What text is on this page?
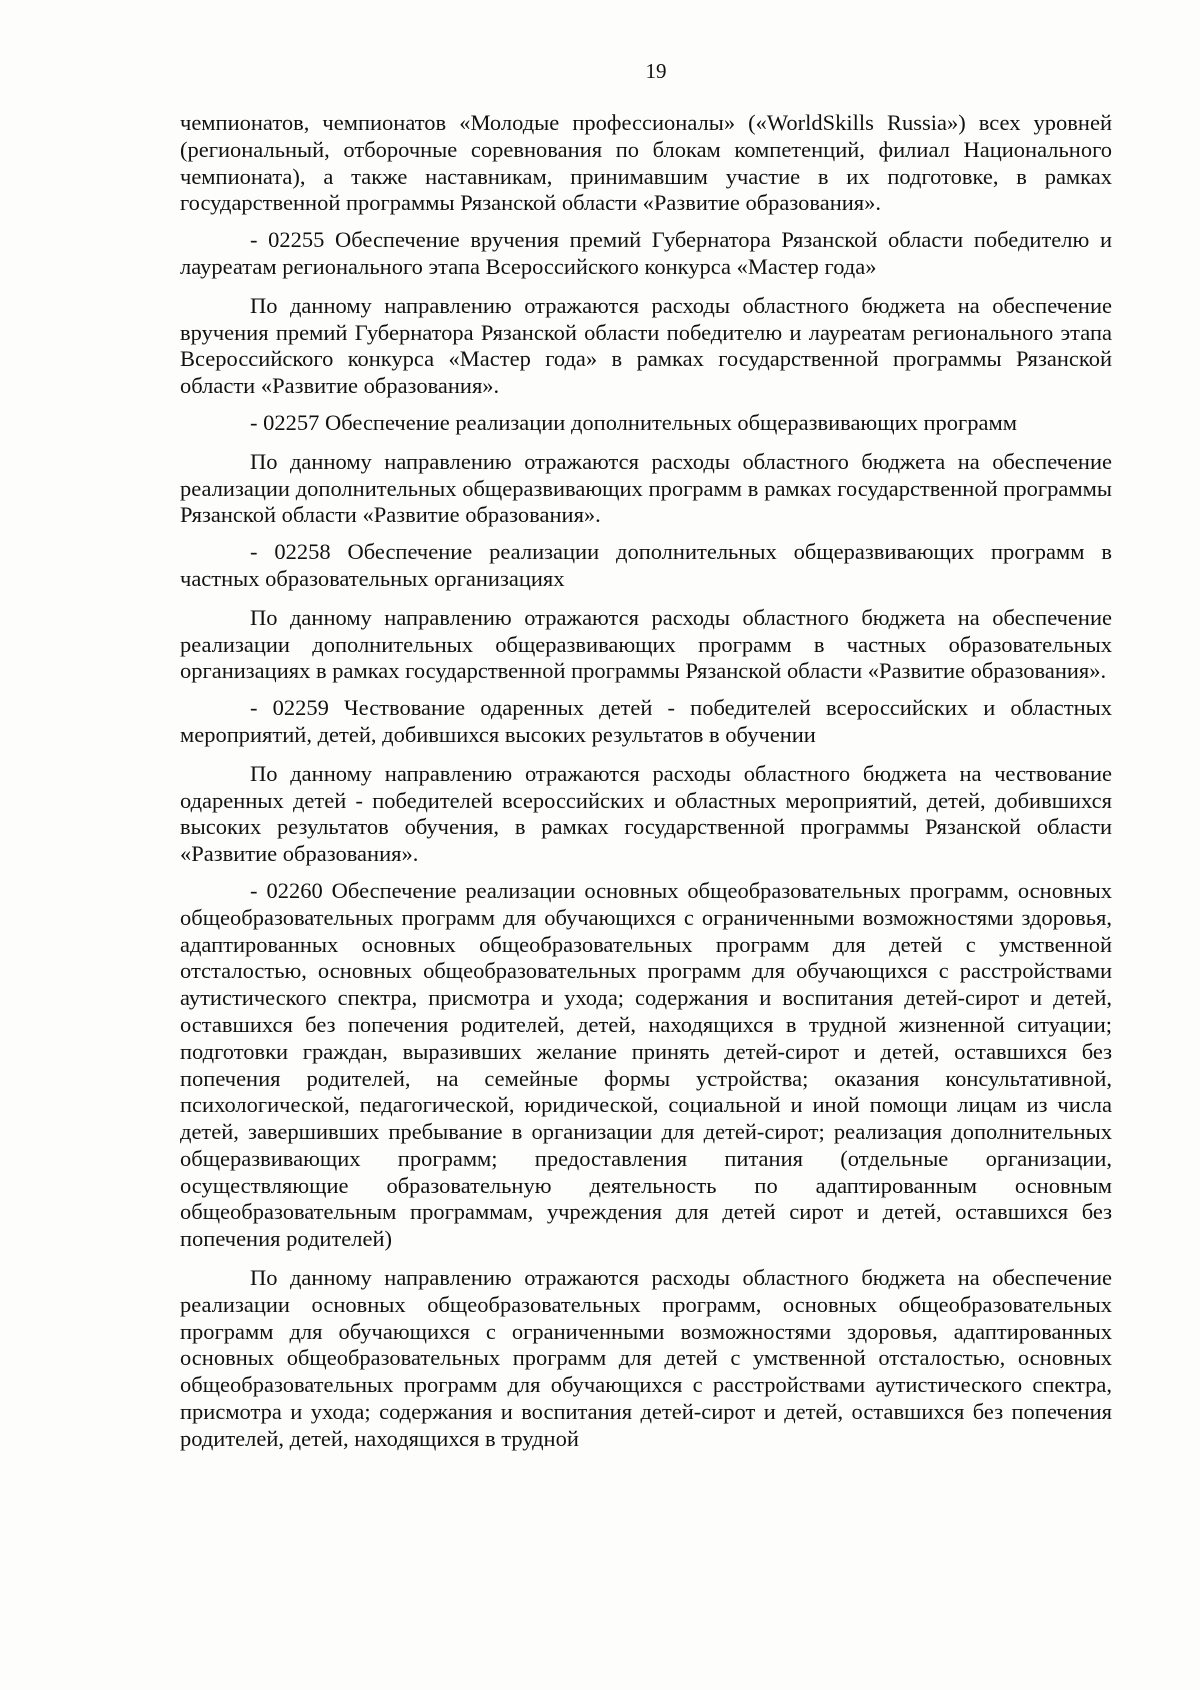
19

чемпионатов, чемпионатов «Молодые профессионалы» («WorldSkills Russia») всех уровней (региональный, отборочные соревнования по блокам компетенций, филиал Национального чемпионата), а также наставникам, принимавшим участие в их подготовке, в рамках государственной программы Рязанской области «Развитие образования».

- 02255 Обеспечение вручения премий Губернатора Рязанской области победителю и лауреатам регионального этапа Всероссийского конкурса «Мастер года»

По данному направлению отражаются расходы областного бюджета на обеспечение вручения премий Губернатора Рязанской области победителю и лауреатам регионального этапа Всероссийского конкурса «Мастер года» в рамках государственной программы Рязанской области «Развитие образования».

- 02257 Обеспечение реализации дополнительных общеразвивающих программ

По данному направлению отражаются расходы областного бюджета на обеспечение реализации дополнительных общеразвивающих программ в рамках государственной программы Рязанской области «Развитие образования».

- 02258 Обеспечение реализации дополнительных общеразвивающих программ в частных образовательных организациях

По данному направлению отражаются расходы областного бюджета на обеспечение реализации дополнительных общеразвивающих программ в частных образовательных организациях в рамках государственной программы Рязанской области «Развитие образования».

- 02259 Чествование одаренных детей - победителей всероссийских и областных мероприятий, детей, добившихся высоких результатов в обучении

По данному направлению отражаются расходы областного бюджета на чествование одаренных детей - победителей всероссийских и областных мероприятий, детей, добившихся высоких результатов обучения, в рамках государственной программы Рязанской области «Развитие образования».

- 02260 Обеспечение реализации основных общеобразовательных программ, основных общеобразовательных программ для обучающихся с ограниченными возможностями здоровья, адаптированных основных общеобразовательных программ для детей с умственной отсталостью, основных общеобразовательных программ для обучающихся с расстройствами аутистического спектра, присмотра и ухода; содержания и воспитания детей-сирот и детей, оставшихся без попечения родителей, детей, находящихся в трудной жизненной ситуации; подготовки граждан, выразивших желание принять детей-сирот и детей, оставшихся без попечения родителей, на семейные формы устройства; оказания консультативной, психологической, педагогической, юридической, социальной и иной помощи лицам из числа детей, завершивших пребывание в организации для детей-сирот; реализация дополнительных общеразвивающих программ; предоставления питания (отдельные организации, осуществляющие образовательную деятельность по адаптированным основным общеобразовательным программам, учреждения для детей сирот и детей, оставшихся без попечения родителей)

По данному направлению отражаются расходы областного бюджета на обеспечение реализации основных общеобразовательных программ, основных общеобразовательных программ для обучающихся с ограниченными возможностями здоровья, адаптированных основных общеобразовательных программ для детей с умственной отсталостью, основных общеобразовательных программ для обучающихся с расстройствами аутистического спектра, присмотра и ухода; содержания и воспитания детей-сирот и детей, оставшихся без попечения родителей, детей, находящихся в трудной
